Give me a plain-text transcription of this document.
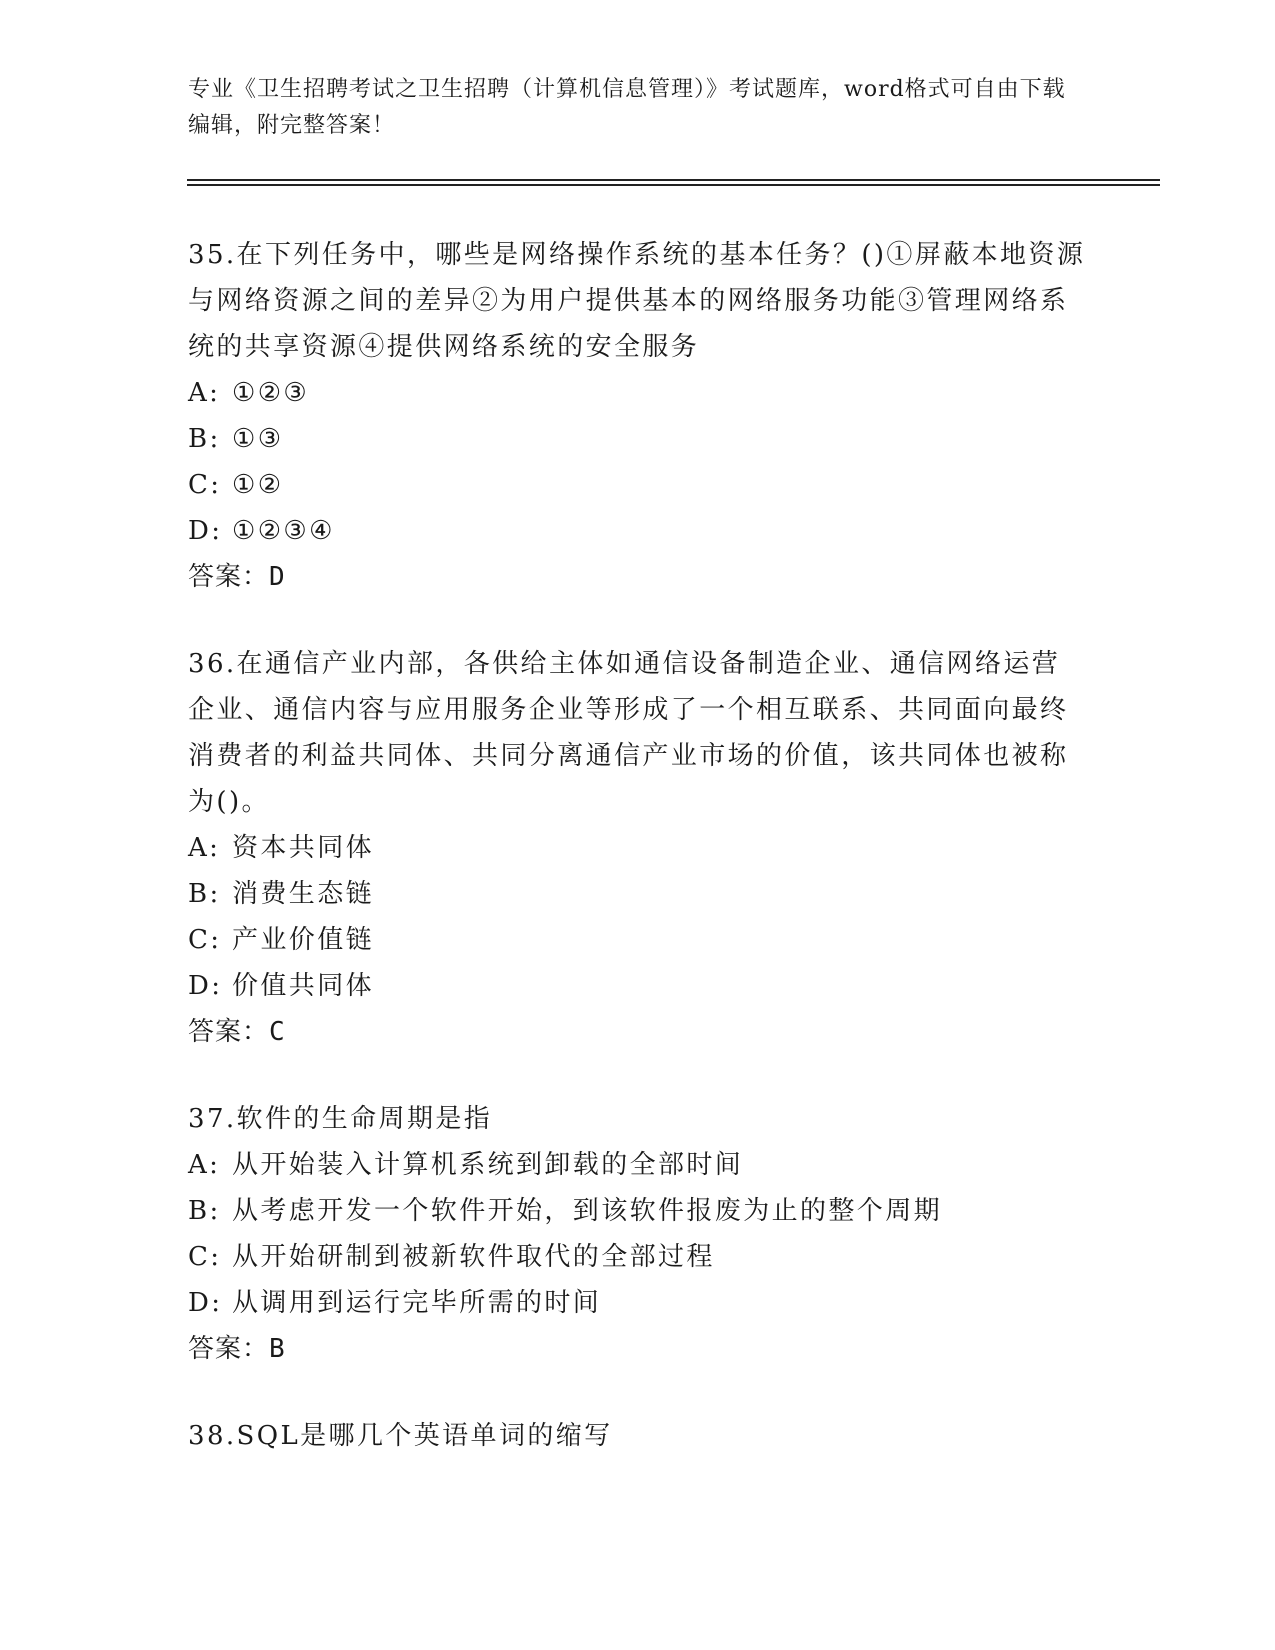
专业《卫生招聘考试之卫生招聘（计算机信息管理）》考试题库，word格式可自由下载编辑，附完整答案！

35.在下列任务中，哪些是网络操作系统的基本任务？()①屏蔽本地资源与网络资源之间的差异②为用户提供基本的网络服务功能③管理网络系统的共享资源④提供网络系统的安全服务

A: ①②③

B: ①③

C: ①②

D: ①②③④

答案：D

36.在通信产业内部，各供给主体如通信设备制造企业、通信网络运营企业、通信内容与应用服务企业等形成了一个相互联系、共同面向最终消费者的利益共同体、共同分离通信产业市场的价值，该共同体也被称为()。

A: 资本共同体

B: 消费生态链

C: 产业价值链

D: 价值共同体

答案：C

37.软件的生命周期是指

A: 从开始装入计算机系统到卸载的全部时间

B: 从考虑开发一个软件开始，到该软件报废为止的整个周期

C: 从开始研制到被新软件取代的全部过程

D: 从调用到运行完毕所需的时间

答案：B

38.SQL是哪几个英语单词的缩写
